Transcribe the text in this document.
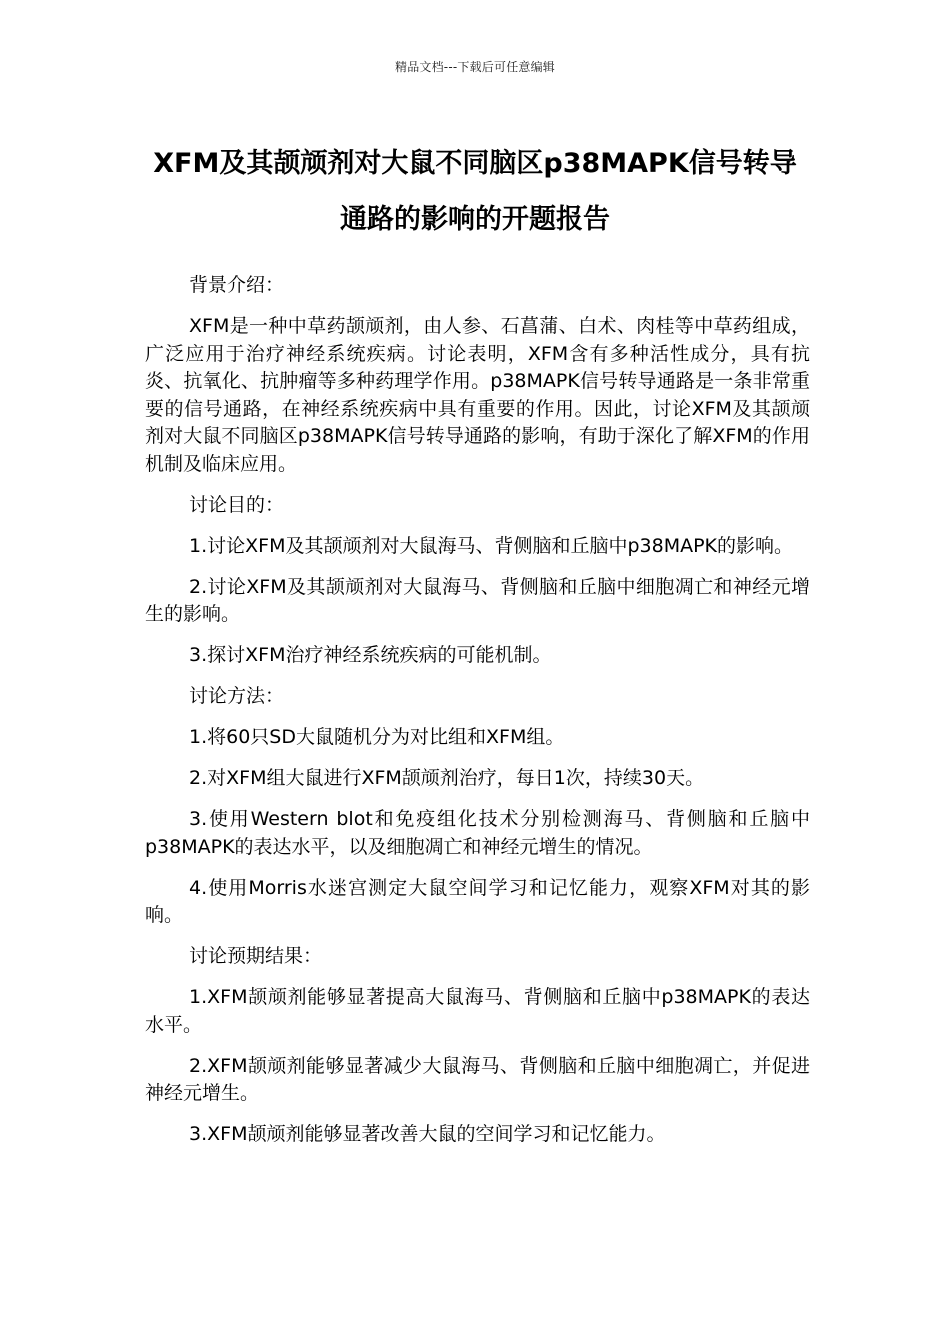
精品文档---下载后可任意编辑
XFM及其颉颃剂对大鼠不同脑区p38MAPK信号转导通路的影响的开题报告

背景介绍：

XFM是一种中草药颉颃剂，由人参、石菖蒲、白术、肉桂等中草药组成，广泛应用于治疗神经系统疾病。讨论表明，XFM含有多种活性成分，具有抗炎、抗氧化、抗肿瘤等多种药理学作用。p38MAPK信号转导通路是一条非常重要的信号通路，在神经系统疾病中具有重要的作用。因此，讨论XFM及其颉颃剂对大鼠不同脑区p38MAPK信号转导通路的影响，有助于深化了解XFM的作用机制及临床应用。

讨论目的：

1.讨论XFM及其颉颃剂对大鼠海马、背侧脑和丘脑中p38MAPK的影响。

2.讨论XFM及其颉颃剂对大鼠海马、背侧脑和丘脑中细胞凋亡和神经元增生的影响。

3.探讨XFM治疗神经系统疾病的可能机制。

讨论方法：

1.将60只SD大鼠随机分为对比组和XFM组。

2.对XFM组大鼠进行XFM颉颃剂治疗，每日1次，持续30天。

3.使用Western blot和免疫组化技术分别检测海马、背侧脑和丘脑中p38MAPK的表达水平，以及细胞凋亡和神经元增生的情况。

4.使用Morris水迷宫测定大鼠空间学习和记忆能力，观察XFM对其的影响。

讨论预期结果：

1.XFM颉颃剂能够显著提高大鼠海马、背侧脑和丘脑中p38MAPK的表达水平。

2.XFM颉颃剂能够显著减少大鼠海马、背侧脑和丘脑中细胞凋亡，并促进神经元增生。

3.XFM颉颃剂能够显著改善大鼠的空间学习和记忆能力。
